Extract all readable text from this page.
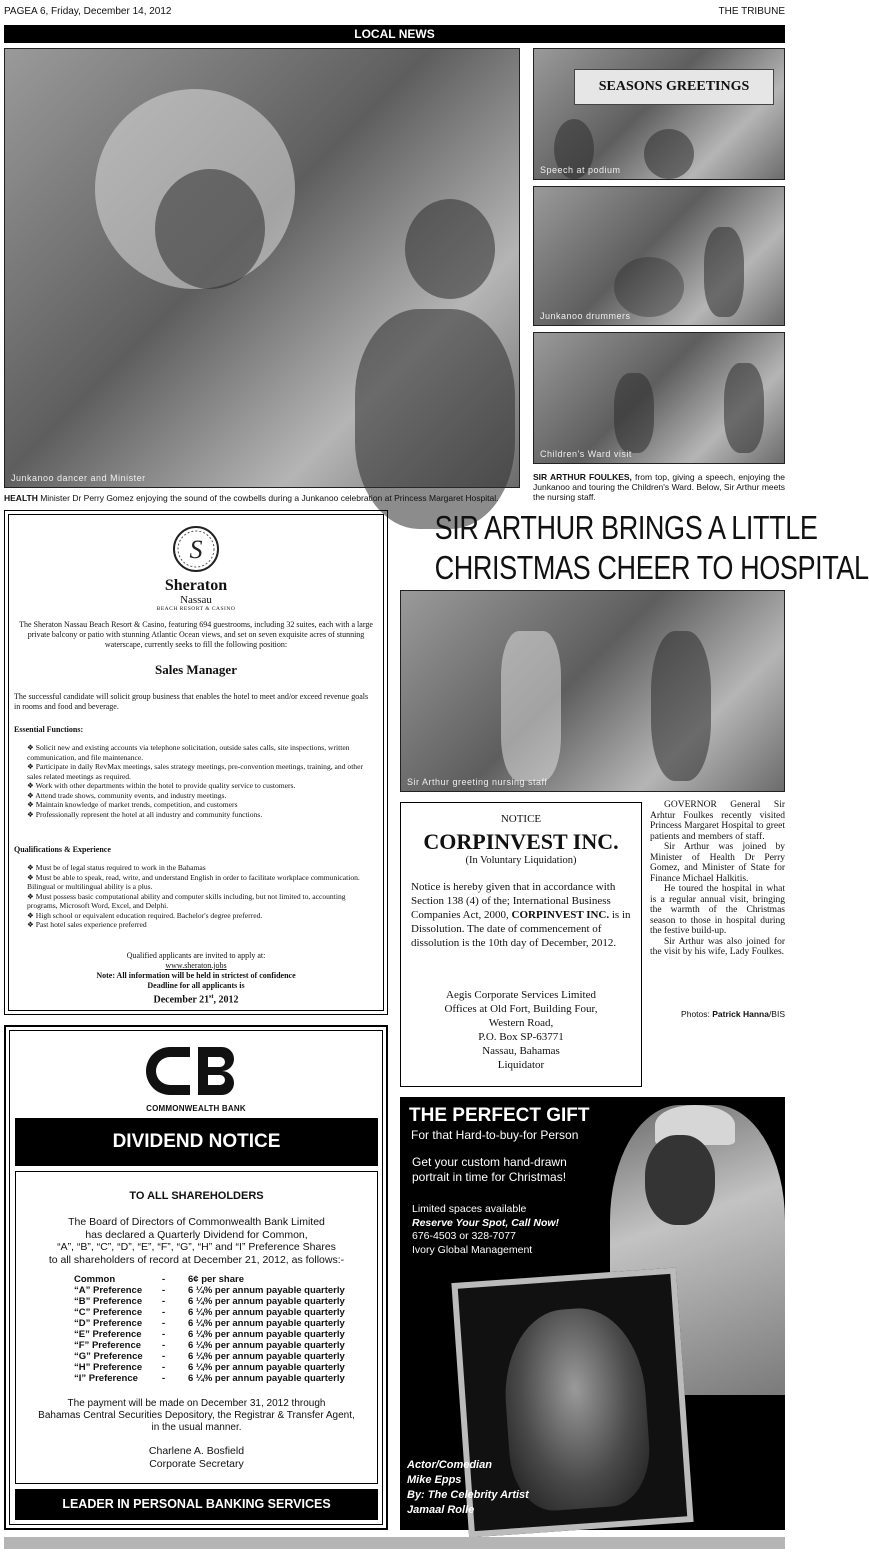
PAGEA 6, Friday, December 14, 2012	THE TRIBUNE
LOCAL NEWS
Junkanoo dancer and Minister
SEASONS GREETINGS
Speech at podium
Junkanoo drummers
Children's Ward visit
HEALTH Minister Dr Perry Gomez enjoying the sound of the cowbells during a Junkanoo celebration at Princess Margaret Hospital.
SIR ARTHUR FOULKES, from top, giving a speech, enjoying the Junkanoo and touring the Children's Ward. Below, Sir Arthur meets the nursing staff.
SIR ARTHUR BRINGS A LITTLE
CHRISTMAS CHEER TO HOSPITAL
Sir Arthur greeting nursing staff

GOVERNOR General Sir Arhtur Foulkes recently visited Princess Margaret Hospital to greet patients and members of staff.

Sir Arthur was joined by Minister of Health Dr Perry Gomez, and Minister of State for Finance Michael Halkitis.

He toured the hospital in what is a regular annual visit, bringing the warmth of the Christmas season to those in hospital during the festive build-up.

Sir Arthur was also joined for the visit by his wife, Lady Foulkes.

Photos: Patrick Hanna/BIS
NOTICE
CORPINVEST INC.
(In Voluntary Liquidation)

Notice is hereby given that in accordance with Section 138 (4) of the; International Business Companies Act, 2000, CORPINVEST INC. is in Dissolution. The date of commencement of dissolution is the 10th day of December, 2012.

Aegis Corporate Services Limited
Offices at Old Fort, Building Four,
Western Road,
P.O. Box SP-63771
Nassau, Bahamas
Liquidator
S
Sheraton
Nassau
BEACH RESORT & CASINO

The Sheraton Nassau Beach Resort & Casino, featuring 694 guestrooms, including 32 suites, each with a large private balcony or patio with stunning Atlantic Ocean views, and set on seven exquisite acres of stunning waterscape, currently seeks to fill the following position:

Sales Manager

The successful candidate will solicit group business that enables the hotel to meet and/or exceed revenue goals in rooms and food and beverage.

Essential Functions:
❖ Solicit new and existing accounts via telephone solicitation, outside sales calls, site inspections, written communication, and file maintenance.
❖ Participate in daily RevMax meetings, sales strategy meetings, pre-convention meetings, training, and other sales related meetings as required.
❖ Work with other departments within the hotel to provide quality service to customers.
❖ Attend trade shows, community events, and industry meetings.
❖ Maintain knowledge of market trends, competition, and customers
❖ Professionally represent the hotel at all industry and community functions.
Qualifications & Experience
❖ Must be of legal status required to work in the Bahamas
❖ Must be able to speak, read, write, and understand English in order to facilitate workplace communication. Bilingual or multilingual ability is a plus.
❖ Must possess basic computational ability and computer skills including, but not limited to, accounting programs, Microsoft Word, Excel, and Delphi.
❖ High school or equivalent education required. Bachelor's degree preferred.
❖ Past hotel sales experience preferred
Qualified applicants are invited to apply at:
www.sheraton.jobs
Note: All information will be held in strictest of confidence
Deadline for all applicants is
December 21st, 2012
COMMONWEALTH BANK
DIVIDEND NOTICE
TO ALL SHAREHOLDERS
The Board of Directors of Commonwealth Bank Limited
has declared a Quarterly Dividend for Common,
“A”, “B”, “C”, “D”, “E”, “F”, “G”, “H” and “I” Preference Shares
to all shareholders of record at December 21, 2012, as follows:-
Common	-	6¢ per share
“A” Preference	-	6 ¼% per annum payable quarterly
“B” Preference	-	6 ¼% per annum payable quarterly
“C” Preference	-	6 ¼% per annum payable quarterly
“D” Preference	-	6 ¼% per annum payable quarterly
“E” Preference	-	6 ¼% per annum payable quarterly
“F” Preference	-	6 ¼% per annum payable quarterly
“G” Preference	-	6 ¼% per annum payable quarterly
“H” Preference	-	6 ¼% per annum payable quarterly
“I” Preference	-	6 ¼% per annum payable quarterly
The payment will be made on December 31, 2012 through
Bahamas Central Securities Depository, the Registrar & Transfer Agent,
in the usual manner.
Charlene A. Bosfield
Corporate Secretary
LEADER IN PERSONAL BANKING SERVICES
THE PERFECT GIFT
For that Hard-to-buy-for Person
Get your custom hand-drawn
portrait in time for Christmas!
Limited spaces available
Reserve Your Spot, Call Now!
676-4503 or 328-7077
Ivory Global Management
Actor/Comedian
Mike Epps
By: The Celebrity Artist
Jamaal Rolle
